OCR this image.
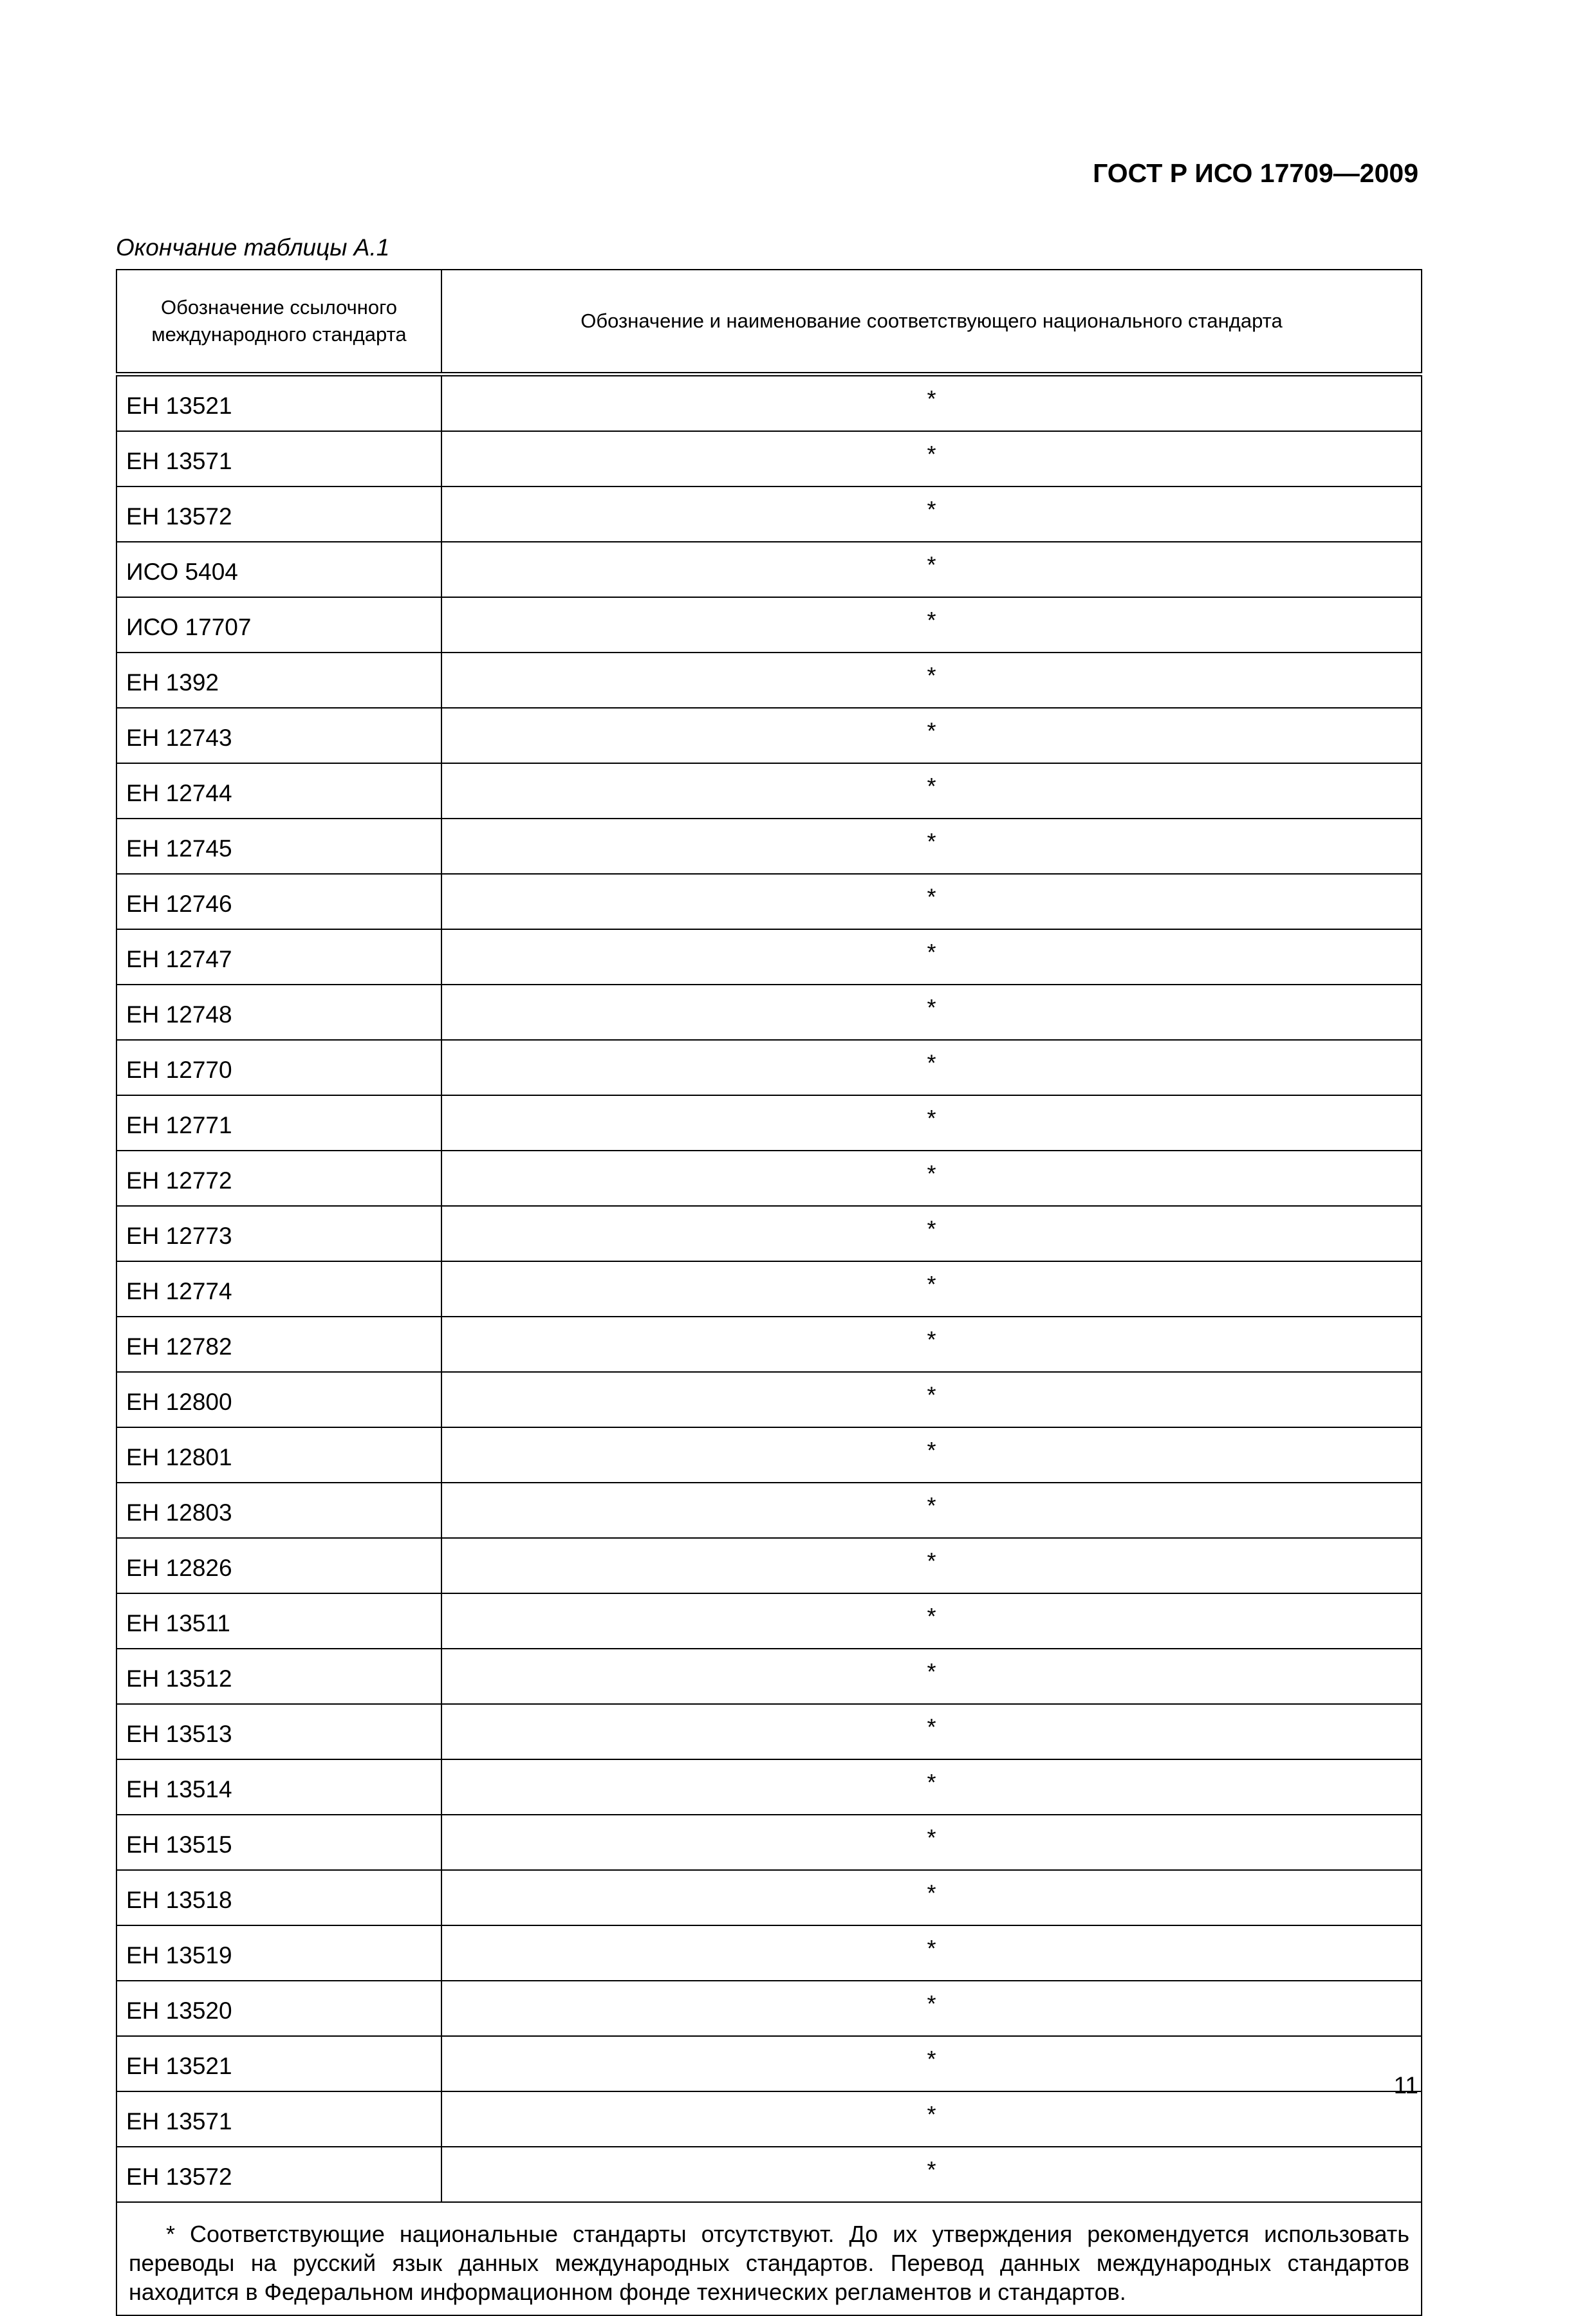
ГОСТ Р ИСО 17709—2009
Окончание таблицы А.1
Обозначение ссылочного международного стандарта	Обозначение и наименование соответствующего национального стандарта
ЕН 13521	*
ЕН 13571	*
ЕН 13572	*
ИСО 5404	*
ИСО 17707	*
ЕН 1392	*
ЕН 12743	*
ЕН 12744	*
ЕН 12745	*
ЕН 12746	*
ЕН 12747	*
ЕН 12748	*
ЕН 12770	*
ЕН 12771	*
ЕН 12772	*
ЕН 12773	*
ЕН 12774	*
ЕН 12782	*
ЕН 12800	*
ЕН 12801	*
ЕН 12803	*
ЕН 12826	*
ЕН 13511	*
ЕН 13512	*
ЕН 13513	*
ЕН 13514	*
ЕН 13515	*
ЕН 13518	*
ЕН 13519	*
ЕН 13520	*
ЕН 13521	*
ЕН 13571	*
ЕН 13572	*
* Соответствующие национальные стандарты отсутствуют. До их утверждения рекомендуется использовать переводы на русский язык данных международных стандартов. Перевод данных международных стандартов находится в Федеральном информационном фонде технических регламентов и стандартов.	
11
